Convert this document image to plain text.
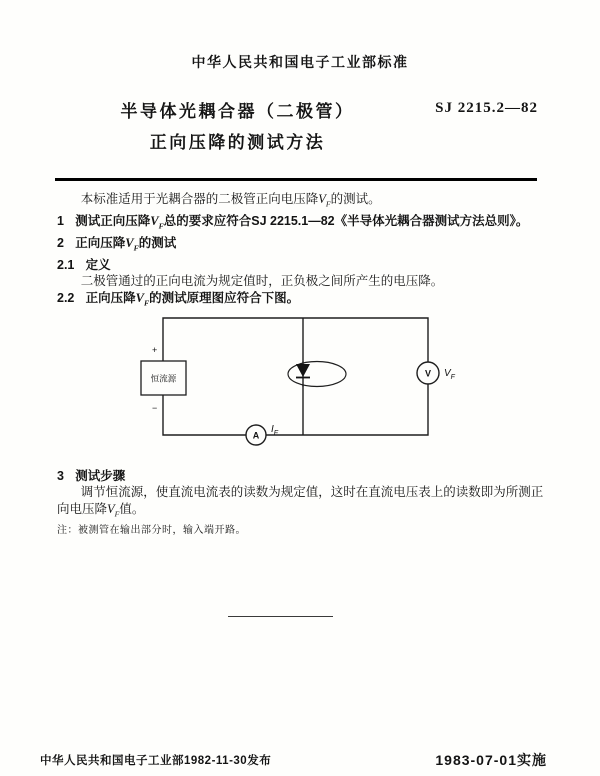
中华人民共和国电子工业部标准
半导体光耦合器（二极管）
正向压降的测试方法
SJ 2215.2—82

本标准适用于光耦合器的二极管正向电压降$V_F$的测试。

1 测试正向压降$V_F$总的要求应符合SJ 2215.1—82《半导体光耦合器测试方法总则》。

2 正向压降$V_F$的测试

2.1 定义

二极管通过的正向电流为规定值时，正负极之间所产生的电压降。

2.2 正向压降$V_F$的测试原理图应符合下图。

恒流源
+
−
V $V_F$
A
$I_F$

3 测试步骤

调节恒流源，使直流电流表的读数为规定值，这时在直流电压表上的读数即为所测正向电压降$V_F$值。

注：被测管在输出部分时，输入端开路。

中华人民共和国电子工业部1982-11-30发布	1983-07-01实施
